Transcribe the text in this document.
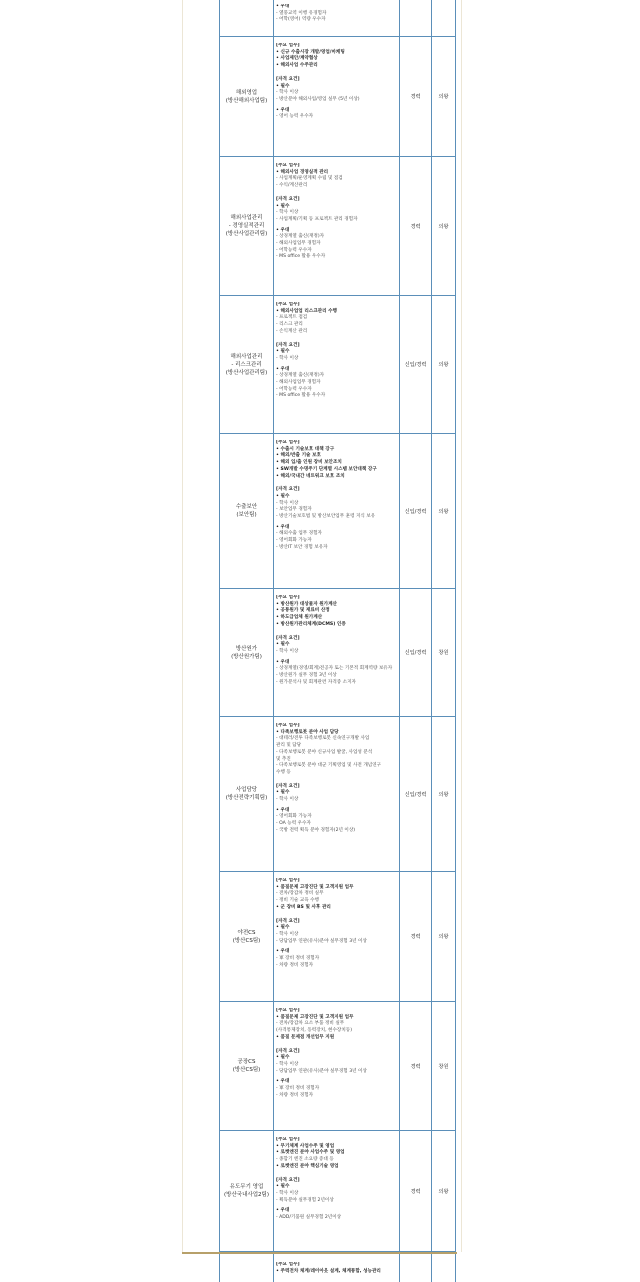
• 우대
- 열풍교역 이행 유경험자
- 어학(영어) 역량 우수자
해외영업
(방산해외사업팀)
[주요 업무]
• 신규 수출시장 개발/영업/마케팅
• 사업제안/계약협상
• 해외사업 수주관리
[자격 요건]
• 필수
- 학사 이상
- 방산분야 해외사업/영업 실무 (5년 이상)
• 우대
- 영어 능력 우수자
경력	의왕
해외사업관리
- 경영실적관리
(방산사업관리팀)
[주요 업무]
• 해외사업 경영실적 관리
- 사업계획/운영계획 수립 및 점검
- 수익/계산관리
[자격 요건]
• 필수
- 학사 이상
- 사업계획/기획 등 프로젝트 관리 경험자
• 우대
- 상경계열 출신(재정)자
- 해외사업업무 경험자
- 어학능력 우수자
- MS office 활용 우수자
경력	의왕
해외사업관리
- 리스크관리
(방산사업관리팀)
[주요 업무]
• 해외사업업 리스크관리 수행
- 프로젝트 점검
- 리스크 관리
- 손익계산 관리
[자격 요건]
• 필수
- 학사 이상
• 우대
- 상경계열 출신(재정)자
- 해외사업업무 경험자
- 어학능력 우수자
- MS office 활용 우수자
신입/경력	의왕
수출보안
(보안팀)
[주요 업무]
• 수출시 기술보호 대책 강구
• 해외/반출 기술 보호
• 해외 입/출 인원 장비 보안조치
• SW개발 수명주기 단계별 시스템 보안대책 강구
• 해외/국내간 네트워크 보호 조치
[자격 요건]
• 필수
- 학사 이상
- 보안업무 경험자
- 방산기술보호법 및 방산보안업무 훈령 지식 보유
• 우대
- 해외수출 업무 경험자
- 영어회화 가능자
- 방산IT 보안 경험 보유자
신입/경력	의왕
방산원가
(방산원가팀)
[주요 업무]
• 방산원가 대상물자 원가계산
• 공통원가 및 재료비 산정
• 하도급업체 원가계산
• 방산원가관리체계(DCMS) 인증
[자격 요건]
• 필수
- 학사 이상
• 우대
- 상경계열(경영/회계)전공자 또는 기본적 회계역량 보유자
- 방산원가 실무 경험 3년 이상
- 원가분석사 및 회계관련 자격증 소지자
신입/경력	창원
사업담당
(방산전략기획팀)
[주요 업무]
• 다족보행로봇 분야 사업 담당
- 대테러/전투 다족보행로봇 신속연구개발 사업
관리 및 담당
- 다족보행로봇 분야 신규사업 발굴, 사업성 분석
및 추진
- 다족보행로봇 분야 대군 기획영업 및 사전 개념연구
수행 등
[자격 요건]
• 필수
- 학사 이상
• 우대
- 영어회화 가능자
- OA 능력 우수자
- 국방 전력 획득 분야 경험자(2년 이상)
신입/경력	의왕
야전CS
(방산CS팀)
[주요 업무]
• 품질문제 고장진단 및 고객지원 업무
- 전차/장갑차 정비 실무
- 정비 기술 교육 수행
• 군 장비 BS 및 사후 관리
[자격 요건]
• 필수
- 학사 이상
- 당담업무 연관(유사)분야 실무경험 3년 이상
• 우대
- 軍 장비 정비 경험자
- 차량 정비 경험자
경력	의왕
공장CS
(방산CS팀)
[주요 업무]
• 품질문제 고장진단 및 고객지원 업무
- 전차/장갑차 요소 부품 정비 실무
(사격통제장치, 동력장치, 현수장치등)
• 품질 문제점 개선업무 지원
[자격 요건]
• 필수
- 학사 이상
- 당담업무 연관(유사)분야 실무경험 3년 이상
• 우대
- 軍 장비 정비 경험자
- 차량 정비 경험자
경력	창원
유도무기 영업
(방산국내사업2팀)
[주요 업무]
• 무기체계 사업수주 및 영업
• 로켓엔진 분야 사업수주 및 영업
- 종합기 엔진 소요량 증대 등
• 로켓엔진 분야 핵심기술 영업
[자격 요건]
• 필수
- 학사 이상
- 획득분야 실무경험 2년이상
• 우대
- ADD/기품원 실무경험 2년이상
경력	의왕
[주요 업무]
• 주력전차 체계/레이아웃 설계, 체계통합, 성능관리
